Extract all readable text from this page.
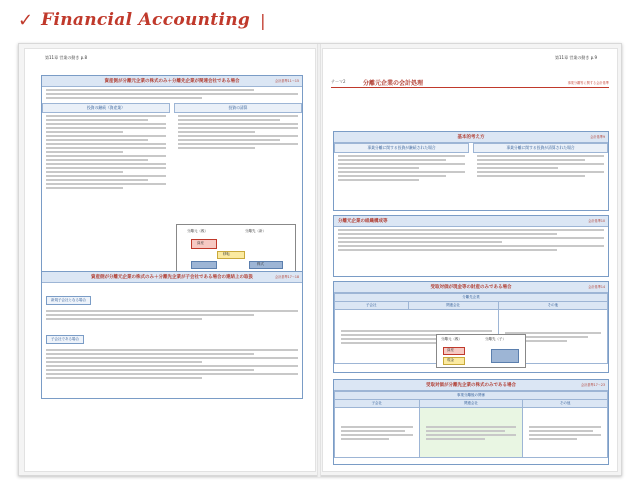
✓ Financial Accounting |
第11章 営業の動き p.8
資産側が分離元企業の株式のみ＋分離先企業が関連会社である場合	会計基準11～15
投資の継続（資産業）	投資の清算
分離元（親）	分離先（新）
資産
移転
株式
資産側が分離元企業の株式のみ＋分離先企業が子会社である場合の連結上の取扱	会計基準17～18
新規子会社となる場合
子会社である場合
第11章 営業の動き p.9
テーマ2	分離元企業の会計処理	事業分離等に関する会計基準
基本的考え方	会計基準9
事業分離に関する投資が継続された場合	事業分離に関する投資が清算された場合
分離元企業の組織構成等	会計基準10
受取対価が現金等の財産のみである場合	会計基準14
分離先企業		
子会社	関連会社	その他

分離元（親）	分離先（子）
資産
現金
受取対価が分離先企業の株式のみである場合	会計基準17～23
事業分離後の関係		
子会社	関連会社	その他
